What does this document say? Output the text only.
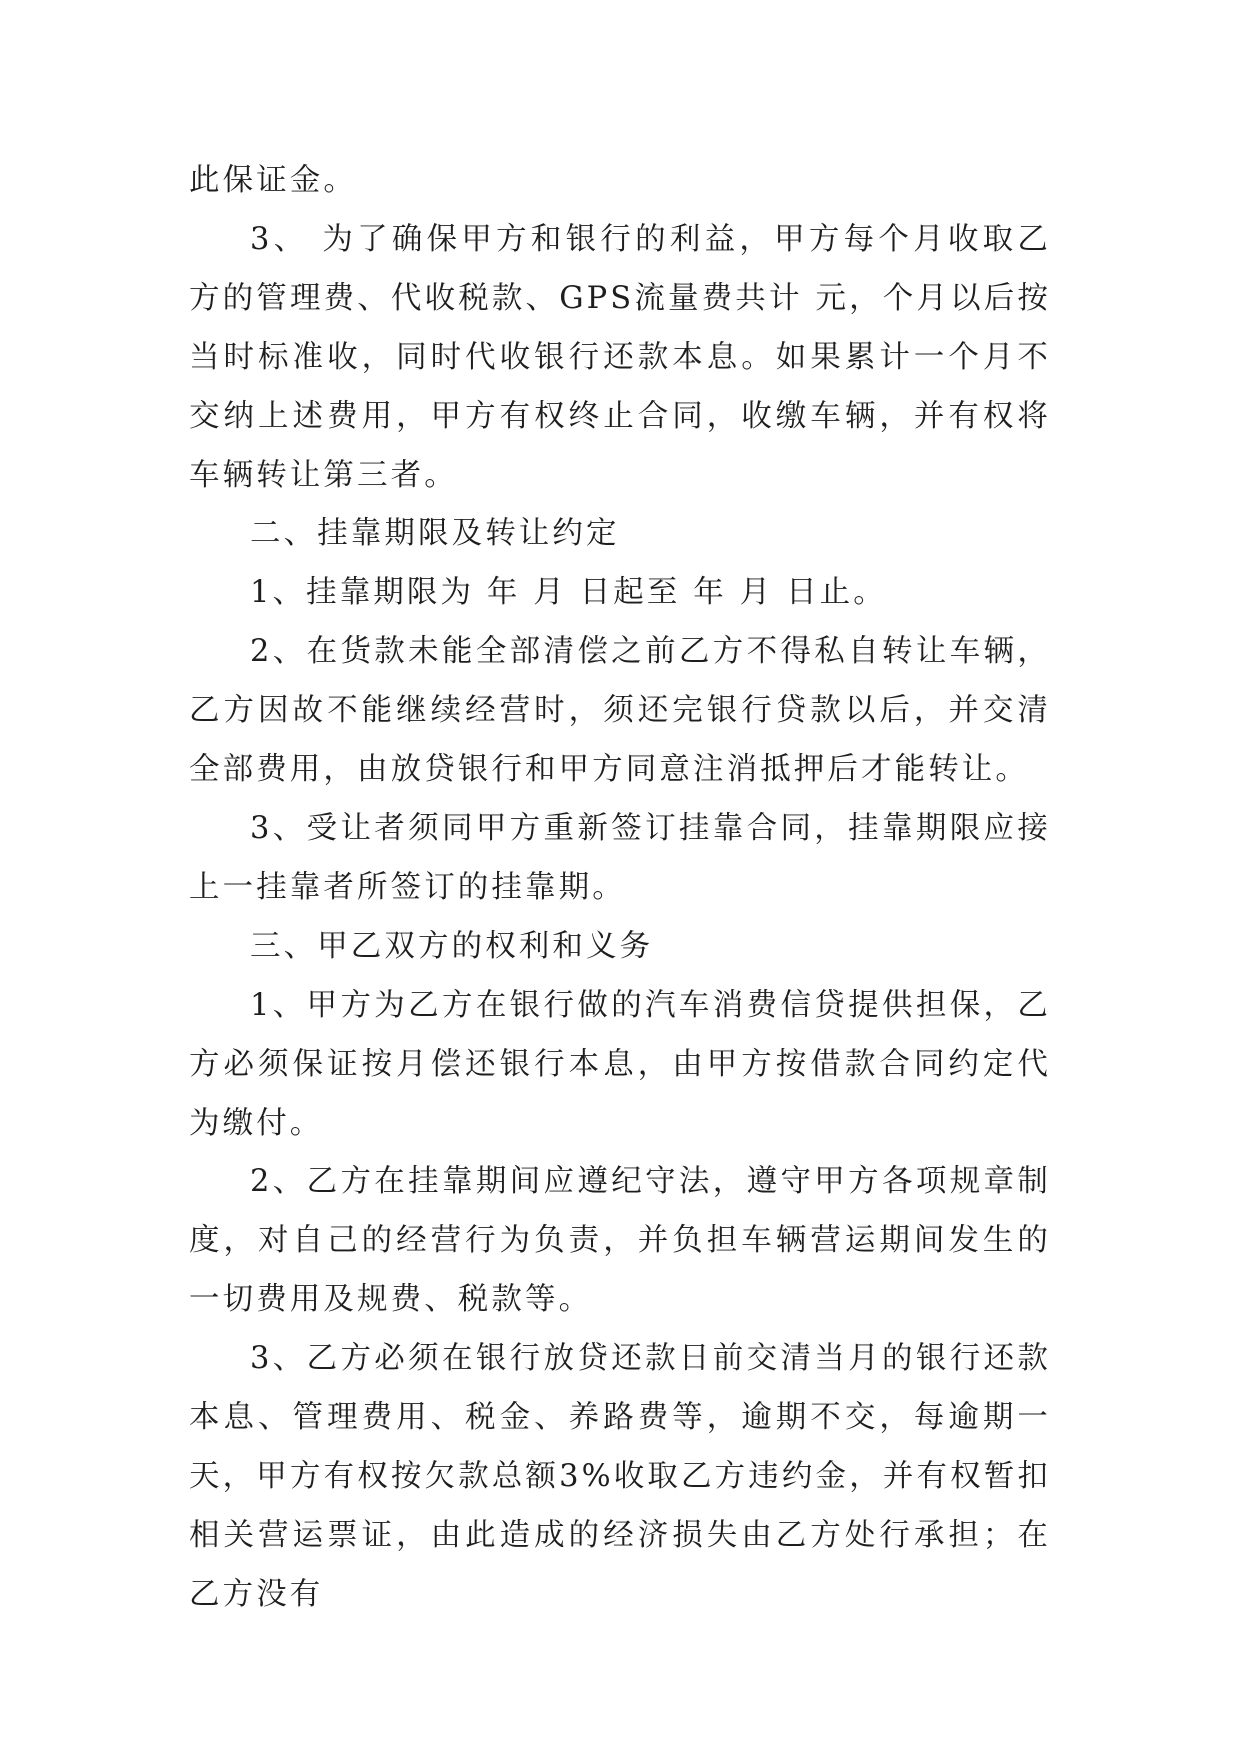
此保证金。

3、 为了确保甲方和银行的利益，甲方每个月收取乙方的管理费、代收税款、GPS流量费共计 元，个月以后按当时标准收，同时代收银行还款本息。如果累计一个月不交纳上述费用，甲方有权终止合同，收缴车辆，并有权将车辆转让第三者。

二、挂靠期限及转让约定

1、挂靠期限为 年 月 日起至 年 月 日止。

2、在货款未能全部清偿之前乙方不得私自转让车辆，乙方因故不能继续经营时，须还完银行贷款以后，并交清全部费用，由放贷银行和甲方同意注消抵押后才能转让。

3、受让者须同甲方重新签订挂靠合同，挂靠期限应接上一挂靠者所签订的挂靠期。

三、甲乙双方的权利和义务

1、甲方为乙方在银行做的汽车消费信贷提供担保，乙方必须保证按月偿还银行本息，由甲方按借款合同约定代为缴付。

2、乙方在挂靠期间应遵纪守法，遵守甲方各项规章制度，对自己的经营行为负责，并负担车辆营运期间发生的一切费用及规费、税款等。

3、乙方必须在银行放贷还款日前交清当月的银行还款本息、管理费用、税金、养路费等，逾期不交，每逾期一天，甲方有权按欠款总额3%收取乙方违约金，并有权暂扣相关营运票证，由此造成的经济损失由乙方处行承担；在乙方没有
